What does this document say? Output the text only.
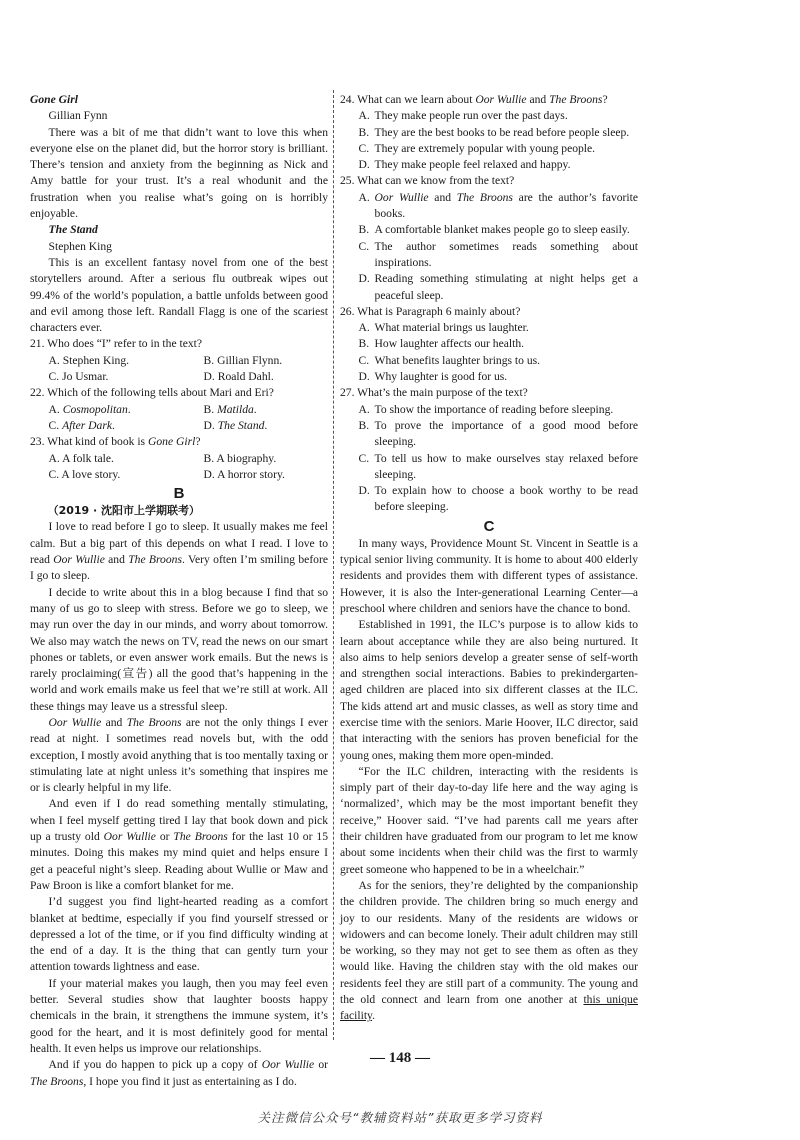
Gone Girl

Gillian Fynn

There was a bit of me that didn’t want to love this when everyone else on the planet did, but the horror story is brilliant. There’s tension and anxiety from the beginning as Nick and Amy battle for your trust. It’s a real whodunit and the frustration when you realise what’s going on is horribly enjoyable.

The Stand

Stephen King

This is an excellent fantasy novel from one of the best storytellers around. After a serious flu outbreak wipes out 99.4% of the world’s population, a battle unfolds between good and evil among those left. Randall Flagg is one of the scariest characters ever.

21. Who does “I” refer to in the text?

A. Stephen King.	B. Gillian Flynn.
C. Jo Usmar.	D. Roald Dahl.

22. Which of the following tells about Mari and Eri?

A. Cosmopolitan.	B. Matilda.
C. After Dark.	D. The Stand.

23. What kind of book is Gone Girl?

A. A folk tale.	B. A biography.
C. A love story.	D. A horror story.

B

（2019 · 沈阳市上学期联考）

I love to read before I go to sleep. It usually makes me feel calm. But a big part of this depends on what I read. I love to read Oor Wullie and The Broons. Very often I’m smiling before I go to sleep.

I decide to write about this in a blog because I find that so many of us go to sleep with stress. Before we go to sleep, we may run over the day in our minds, and worry about tomorrow. We also may watch the news on TV, read the news on our smart phones or tablets, or even answer work emails. But the news is rarely proclaiming(宣告) all the good that’s happening in the world and work emails make us feel that we’re still at work. All these things may leave us a stressful sleep.

Oor Wullie and The Broons are not the only things I ever read at night. I sometimes read novels but, with the odd exception, I mostly avoid anything that is too mentally taxing or stimulating late at night unless it’s something that inspires me or is clearly helpful in my life.

And even if I do read something mentally stimulating, when I feel myself getting tired I lay that book down and pick up a trusty old Oor Wullie or The Broons for the last 10 or 15 minutes. Doing this makes my mind quiet and helps ensure I get a peaceful night’s sleep. Reading about Wullie or Maw and Paw Broon is like a comfort blanket for me.

I’d suggest you find light-hearted reading as a comfort blanket at bedtime, especially if you find yourself stressed or depressed a lot of the time, or if you find difficulty winding at the end of a day. It is the thing that can gently turn your attention towards lightness and ease.

If your material makes you laugh, then you may feel even better. Several studies show that laughter boosts happy chemicals in the brain, it strengthens the immune system, it’s good for the heart, and it is most definitely good for mental health. It even helps us improve our relationships.

And if you do happen to pick up a copy of Oor Wullie or The Broons, I hope you find it just as entertaining as I do.

24. What can we learn about Oor Wullie and The Broons?

A. They make people run over the past days.
B. They are the best books to be read before people sleep.
C. They are extremely popular with young people.
D. They make people feel relaxed and happy.

25. What can we know from the text?

A. Oor Wullie and The Broons are the author’s favorite books.
B. A comfortable blanket makes people go to sleep easily.
C. The author sometimes reads something about inspirations.
D. Reading something stimulating at night helps get a peaceful sleep.

26. What is Paragraph 6 mainly about?

A. What material brings us laughter.
B. How laughter affects our health.
C. What benefits laughter brings to us.
D. Why laughter is good for us.

27. What’s the main purpose of the text?

A. To show the importance of reading before sleeping.
B. To prove the importance of a good mood before sleeping.
C. To tell us how to make ourselves stay relaxed before sleeping.
D. To explain how to choose a book worthy to be read before sleeping.

C

In many ways, Providence Mount St. Vincent in Seattle is a typical senior living community. It is home to about 400 elderly residents and provides them with different types of assistance. However, it is also the Inter-generational Learning Center—a preschool where children and seniors have the chance to bond.

Established in 1991, the ILC’s purpose is to allow kids to learn about acceptance while they are also being nurtured. It also aims to help seniors develop a greater sense of self-worth and strengthen social interactions. Babies to prekindergarten-aged children are placed into six different classes at the ILC. The kids attend art and music classes, as well as story time and exercise time with the seniors. Marie Hoover, ILC director, said that interacting with the seniors has proven beneficial for the young ones, making them more open-minded.

“For the ILC children, interacting with the residents is simply part of their day-to-day life here and the way aging is ‘normalized’, which may be the most important benefit they receive,” Hoover said. “I’ve had parents call me years after their children have graduated from our program to let me know about some incidents when their child was the first to warmly greet someone who happened to be in a wheelchair.”

As for the seniors, they’re delighted by the companionship the children provide. The children bring so much energy and joy to our residents. Many of the residents are widows or widowers and can become lonely. Their adult children may still be working, so they may not get to see them as often as they would like. Having the children stay with the old makes our residents feel they are still part of a community. The young and the old connect and learn from one another at this unique facility.

— 148 —
关注微信公众号“教辅资料站”获取更多学习资料
